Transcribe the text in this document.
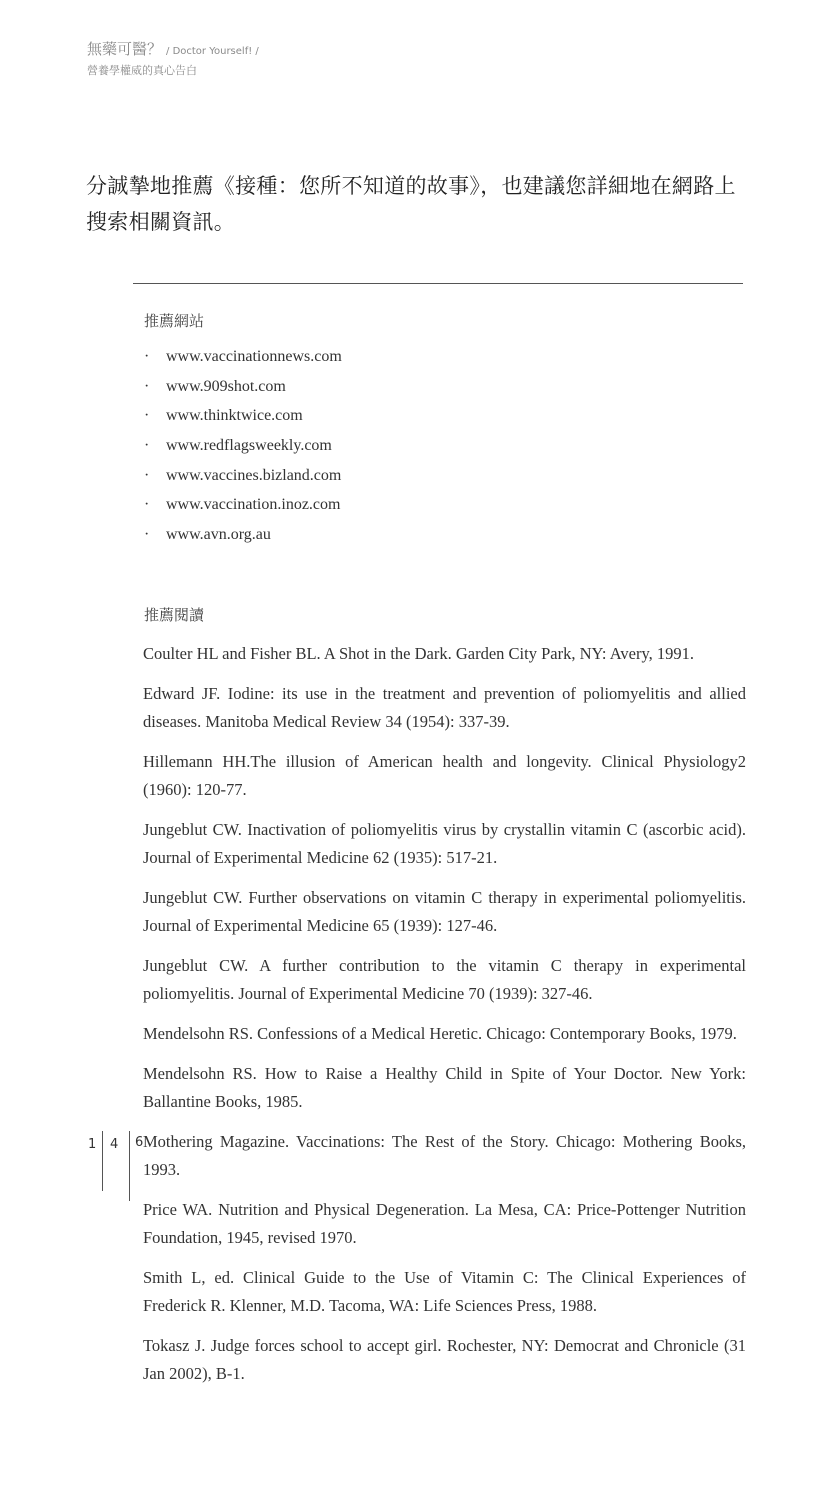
無藥可醫？ / Doctor Yourself! /
營養學權威的真心告白
分誠摯地推薦《接種：您所不知道的故事》，也建議您詳細地在網路上搜索相關資訊。
推薦網站
· www.vaccinationnews.com
· www.909shot.com
· www.thinktwice.com
· www.redflagsweekly.com
· www.vaccines.bizland.com
· www.vaccination.inoz.com
· www.avn.org.au
推薦閱讀

Coulter HL and Fisher BL. A Shot in the Dark. Garden City Park, NY: Avery, 1991.

Edward JF. Iodine: its use in the treatment and prevention of poliomyelitis and allied diseases. Manitoba Medical Review 34 (1954): 337-39.

Hillemann HH.The illusion of American health and longevity. Clinical Physiology2 (1960): 120-77.

Jungeblut CW. Inactivation of poliomyelitis virus by crystallin vitamin C (ascorbic acid). Journal of Experimental Medicine 62 (1935): 517-21.

Jungeblut CW. Further observations on vitamin C therapy in experimental poliomyelitis. Journal of Experimental Medicine 65 (1939): 127-46.

Jungeblut CW. A further contribution to the vitamin C therapy in experimental poliomyelitis. Journal of Experimental Medicine 70 (1939): 327-46.

Mendelsohn RS. Confessions of a Medical Heretic. Chicago: Contemporary Books, 1979.

Mendelsohn RS. How to Raise a Healthy Child in Spite of Your Doctor. New York: Ballantine Books, 1985.

Mothering Magazine. Vaccinations: The Rest of the Story. Chicago: Mothering Books, 1993.

Price WA. Nutrition and Physical Degeneration. La Mesa, CA: Price-Pottenger Nutrition Foundation, 1945, revised 1970.

Smith L, ed. Clinical Guide to the Use of Vitamin C: The Clinical Experiences of Frederick R. Klenner, M.D. Tacoma, WA: Life Sciences Press, 1988.

Tokasz J. Judge forces school to accept girl. Rochester, NY: Democrat and Chronicle (31 Jan 2002), B-1.

1 4 6
